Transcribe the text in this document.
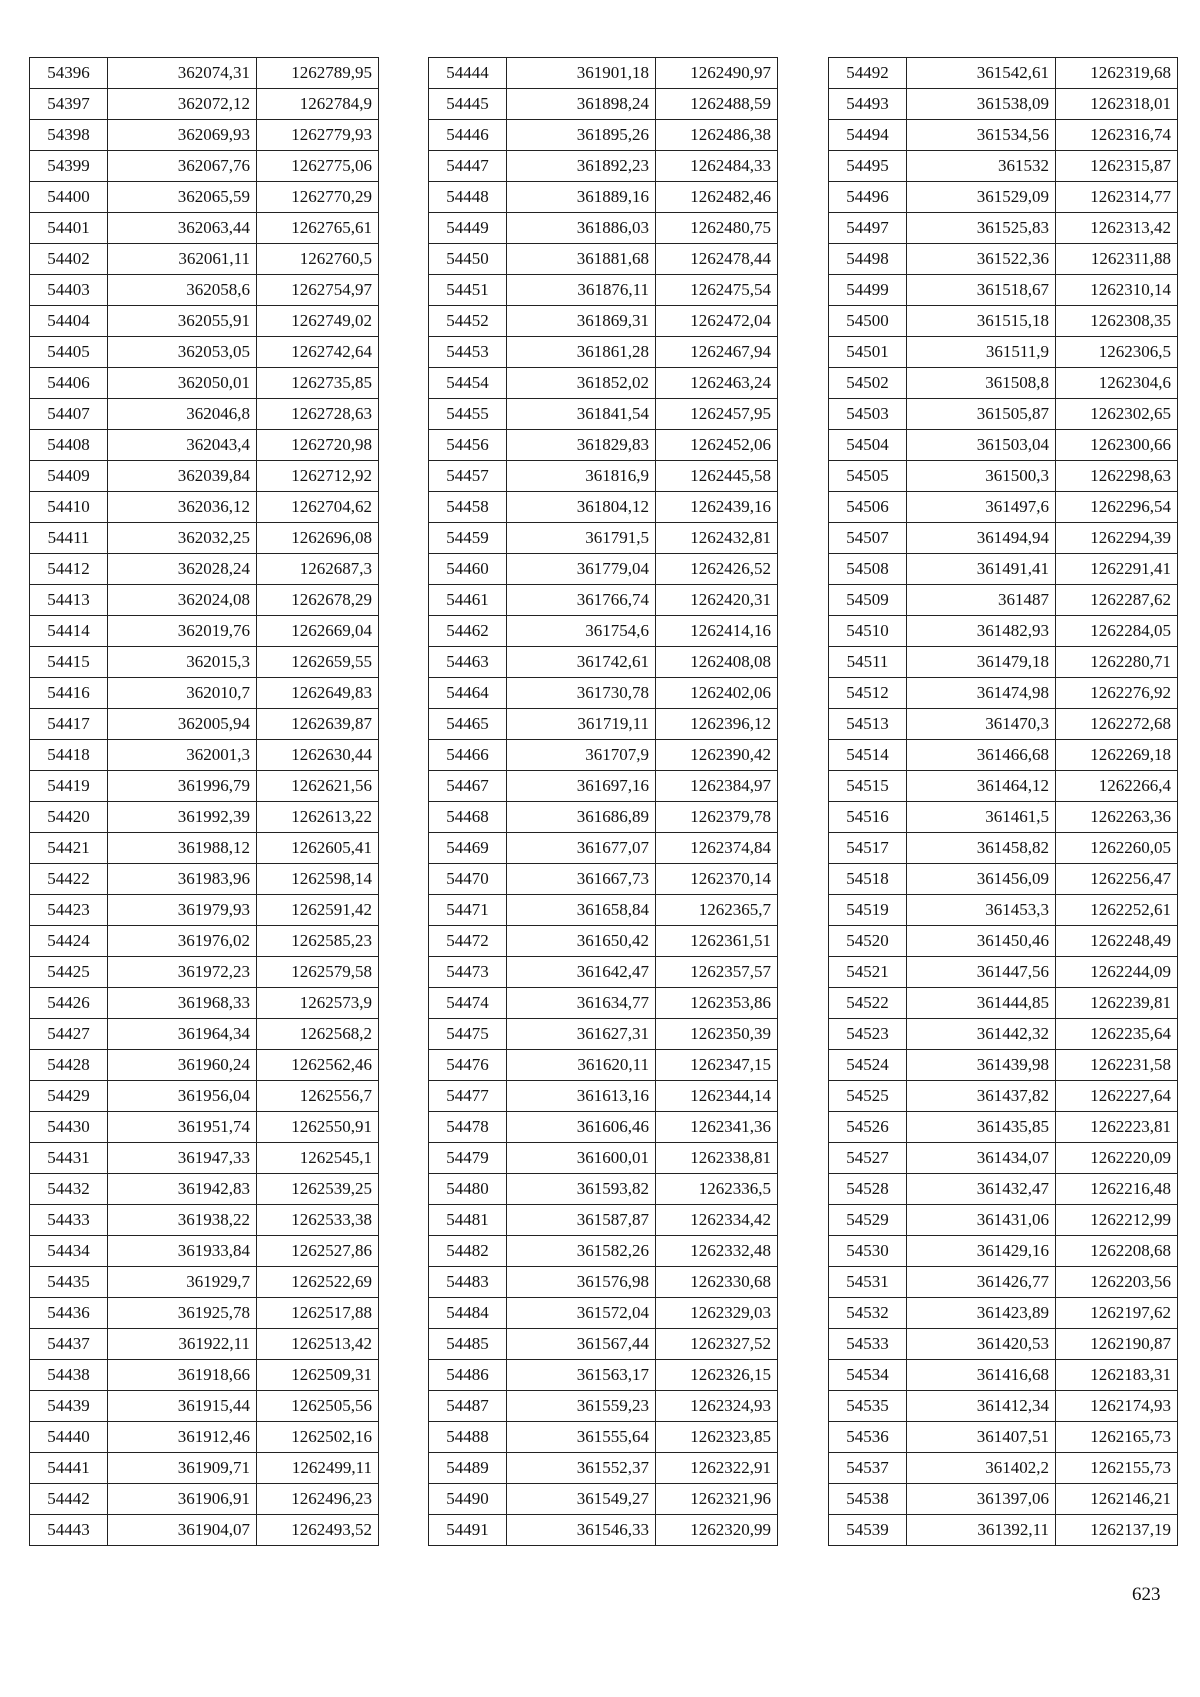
54396	362074,31	1262789,95
54397	362072,12	1262784,9
54398	362069,93	1262779,93
54399	362067,76	1262775,06
54400	362065,59	1262770,29
54401	362063,44	1262765,61
54402	362061,11	1262760,5
54403	362058,6	1262754,97
54404	362055,91	1262749,02
54405	362053,05	1262742,64
54406	362050,01	1262735,85
54407	362046,8	1262728,63
54408	362043,4	1262720,98
54409	362039,84	1262712,92
54410	362036,12	1262704,62
54411	362032,25	1262696,08
54412	362028,24	1262687,3
54413	362024,08	1262678,29
54414	362019,76	1262669,04
54415	362015,3	1262659,55
54416	362010,7	1262649,83
54417	362005,94	1262639,87
54418	362001,3	1262630,44
54419	361996,79	1262621,56
54420	361992,39	1262613,22
54421	361988,12	1262605,41
54422	361983,96	1262598,14
54423	361979,93	1262591,42
54424	361976,02	1262585,23
54425	361972,23	1262579,58
54426	361968,33	1262573,9
54427	361964,34	1262568,2
54428	361960,24	1262562,46
54429	361956,04	1262556,7
54430	361951,74	1262550,91
54431	361947,33	1262545,1
54432	361942,83	1262539,25
54433	361938,22	1262533,38
54434	361933,84	1262527,86
54435	361929,7	1262522,69
54436	361925,78	1262517,88
54437	361922,11	1262513,42
54438	361918,66	1262509,31
54439	361915,44	1262505,56
54440	361912,46	1262502,16
54441	361909,71	1262499,11
54442	361906,91	1262496,23
54443	361904,07	1262493,52
54444	361901,18	1262490,97
54445	361898,24	1262488,59
54446	361895,26	1262486,38
54447	361892,23	1262484,33
54448	361889,16	1262482,46
54449	361886,03	1262480,75
54450	361881,68	1262478,44
54451	361876,11	1262475,54
54452	361869,31	1262472,04
54453	361861,28	1262467,94
54454	361852,02	1262463,24
54455	361841,54	1262457,95
54456	361829,83	1262452,06
54457	361816,9	1262445,58
54458	361804,12	1262439,16
54459	361791,5	1262432,81
54460	361779,04	1262426,52
54461	361766,74	1262420,31
54462	361754,6	1262414,16
54463	361742,61	1262408,08
54464	361730,78	1262402,06
54465	361719,11	1262396,12
54466	361707,9	1262390,42
54467	361697,16	1262384,97
54468	361686,89	1262379,78
54469	361677,07	1262374,84
54470	361667,73	1262370,14
54471	361658,84	1262365,7
54472	361650,42	1262361,51
54473	361642,47	1262357,57
54474	361634,77	1262353,86
54475	361627,31	1262350,39
54476	361620,11	1262347,15
54477	361613,16	1262344,14
54478	361606,46	1262341,36
54479	361600,01	1262338,81
54480	361593,82	1262336,5
54481	361587,87	1262334,42
54482	361582,26	1262332,48
54483	361576,98	1262330,68
54484	361572,04	1262329,03
54485	361567,44	1262327,52
54486	361563,17	1262326,15
54487	361559,23	1262324,93
54488	361555,64	1262323,85
54489	361552,37	1262322,91
54490	361549,27	1262321,96
54491	361546,33	1262320,99
54492	361542,61	1262319,68
54493	361538,09	1262318,01
54494	361534,56	1262316,74
54495	361532	1262315,87
54496	361529,09	1262314,77
54497	361525,83	1262313,42
54498	361522,36	1262311,88
54499	361518,67	1262310,14
54500	361515,18	1262308,35
54501	361511,9	1262306,5
54502	361508,8	1262304,6
54503	361505,87	1262302,65
54504	361503,04	1262300,66
54505	361500,3	1262298,63
54506	361497,6	1262296,54
54507	361494,94	1262294,39
54508	361491,41	1262291,41
54509	361487	1262287,62
54510	361482,93	1262284,05
54511	361479,18	1262280,71
54512	361474,98	1262276,92
54513	361470,3	1262272,68
54514	361466,68	1262269,18
54515	361464,12	1262266,4
54516	361461,5	1262263,36
54517	361458,82	1262260,05
54518	361456,09	1262256,47
54519	361453,3	1262252,61
54520	361450,46	1262248,49
54521	361447,56	1262244,09
54522	361444,85	1262239,81
54523	361442,32	1262235,64
54524	361439,98	1262231,58
54525	361437,82	1262227,64
54526	361435,85	1262223,81
54527	361434,07	1262220,09
54528	361432,47	1262216,48
54529	361431,06	1262212,99
54530	361429,16	1262208,68
54531	361426,77	1262203,56
54532	361423,89	1262197,62
54533	361420,53	1262190,87
54534	361416,68	1262183,31
54535	361412,34	1262174,93
54536	361407,51	1262165,73
54537	361402,2	1262155,73
54538	361397,06	1262146,21
54539	361392,11	1262137,19
623
